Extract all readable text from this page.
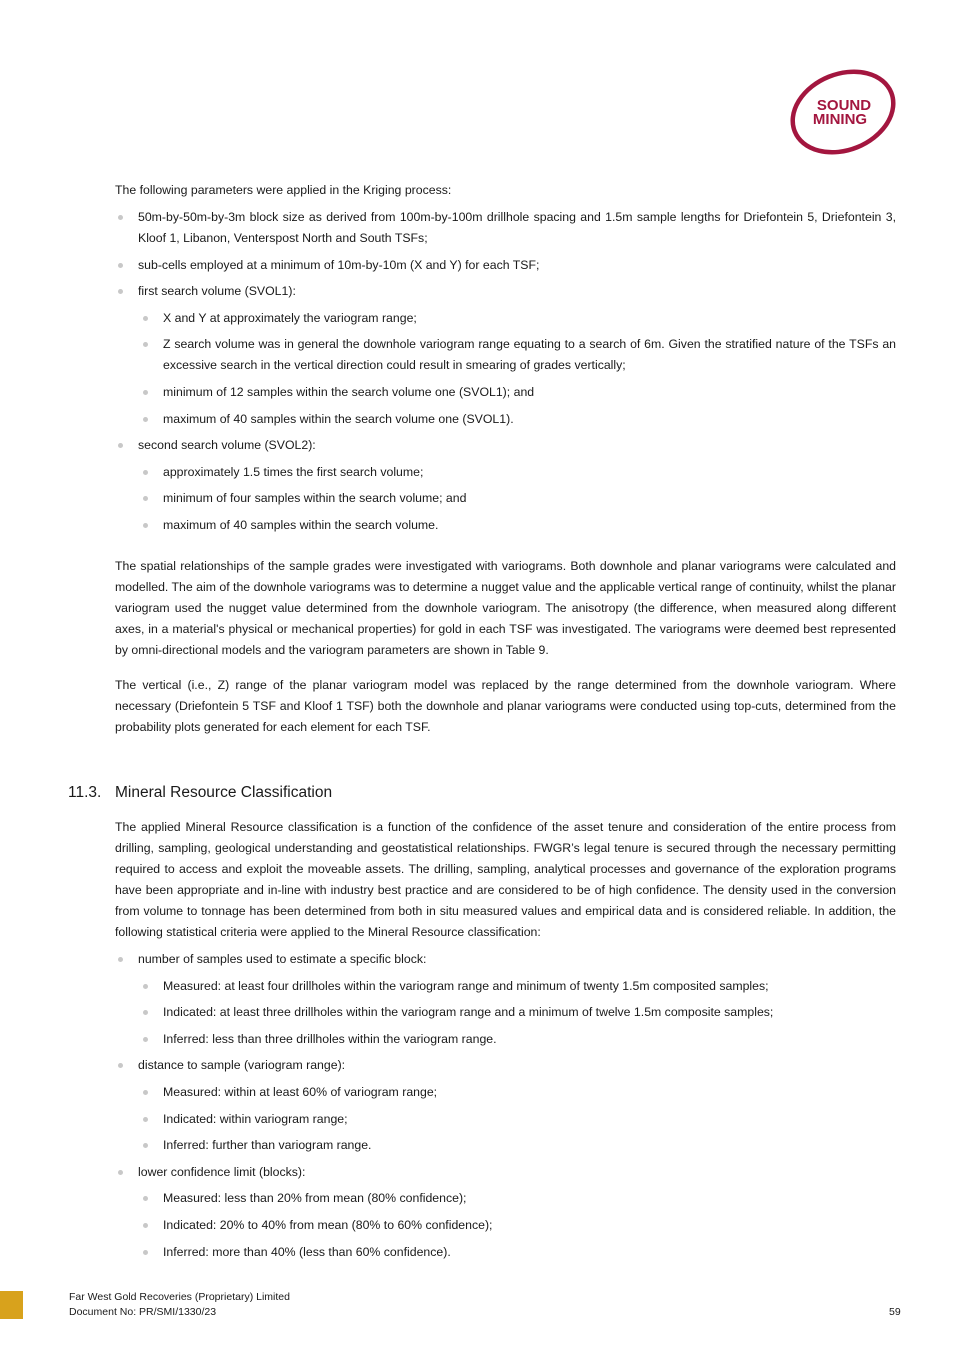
SOUND
MINING

The following parameters were applied in the Kriging process:

50m-by-50m-by-3m block size as derived from 100m-by-100m drillhole spacing and 1.5m sample lengths for Driefontein 5, Driefontein 3, Kloof 1, Libanon, Venterspost North and South TSFs;
sub-cells employed at a minimum of 10m-by-10m (X and Y) for each TSF;
first search volume (SVOL1):
X and Y at approximately the variogram range;
Z search volume was in general the downhole variogram range equating to a search of 6m. Given the stratified nature of the TSFs an excessive search in the vertical direction could result in smearing of grades vertically;
minimum of 12 samples within the search volume one (SVOL1); and
maximum of 40 samples within the search volume one (SVOL1).
second search volume (SVOL2):
approximately 1.5 times the first search volume;
minimum of four samples within the search volume; and
maximum of 40 samples within the search volume.

The spatial relationships of the sample grades were investigated with variograms. Both downhole and planar variograms were calculated and modelled. The aim of the downhole variograms was to determine a nugget value and the applicable vertical range of continuity, whilst the planar variogram used the nugget value determined from the downhole variogram. The anisotropy (the difference, when measured along different axes, in a material's physical or mechanical properties) for gold in each TSF was investigated. The variograms were deemed best represented by omni-directional models and the variogram parameters are shown in Table 9.

The vertical (i.e., Z) range of the planar variogram model was replaced by the range determined from the downhole variogram. Where necessary (Driefontein 5 TSF and Kloof 1 TSF) both the downhole and planar variograms were conducted using top-cuts, determined from the probability plots generated for each element for each TSF.

11.3. Mineral Resource Classification

The applied Mineral Resource classification is a function of the confidence of the asset tenure and consideration of the entire process from drilling, sampling, geological understanding and geostatistical relationships. FWGR’s legal tenure is secured through the necessary permitting required to access and exploit the moveable assets. The drilling, sampling, analytical processes and governance of the exploration programs have been appropriate and in-line with industry best practice and are considered to be of high confidence. The density used in the conversion from volume to tonnage has been determined from both in situ measured values and empirical data and is considered reliable. In addition, the following statistical criteria were applied to the Mineral Resource classification:

number of samples used to estimate a specific block:
Measured: at least four drillholes within the variogram range and minimum of twenty 1.5m composited samples;
Indicated: at least three drillholes within the variogram range and a minimum of twelve 1.5m composite samples;
Inferred: less than three drillholes within the variogram range.
distance to sample (variogram range):
Measured: within at least 60% of variogram range;
Indicated: within variogram range;
Inferred: further than variogram range.
lower confidence limit (blocks):
Measured: less than 20% from mean (80% confidence);
Indicated: 20% to 40% from mean (80% to 60% confidence);
Inferred: more than 40% (less than 60% confidence).
Far West Gold Recoveries (Proprietary) Limited
Document No: PR/SMI/1330/23	59
